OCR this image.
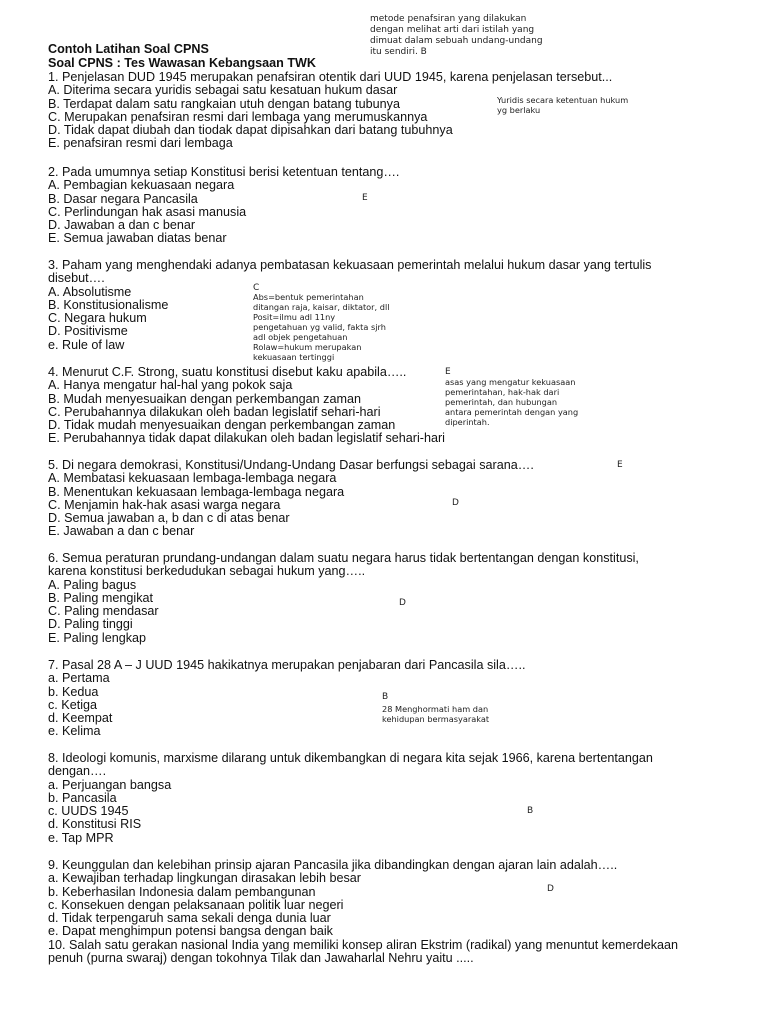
metode penafsiran yang dilakukan
dengan melihat arti dari istilah yang
dimuat dalam sebuah undang-undang
itu sendiri. B
Contoh Latihan Soal CPNS
Soal CPNS : Tes Wawasan Kebangsaan TWK
1. Penjelasan DUD 1945 merupakan penafsiran otentik dari UUD 1945, karena penjelasan tersebut...
A. Diterima secara yuridis sebagai satu kesatuan hukum dasar
B. Terdapat dalam satu rangkaian utuh dengan batang tubunya
C. Merupakan penafsiran resmi dari lembaga yang merumuskannya
D. Tidak dapat diubah dan tiodak dapat dipisahkan dari batang tubuhnya
E. penafsiran resmi dari lembaga
Yuridis secara ketentuan hukum
yg berlaku
2. Pada umumnya setiap Konstitusi berisi ketentuan tentang….
A. Pembagian kekuasaan negara
B. Dasar negara Pancasila
C. Perlindungan hak asasi manusia
D. Jawaban a dan c benar
E. Semua jawaban diatas benar
E
3. Paham yang menghendaki adanya pembatasan kekuasaan pemerintah melalui hukum dasar yang tertulis
disebut….
A. Absolutisme
B. Konstitusionalisme
C. Negara hukum
D. Positivisme
e. Rule of law
C
Abs=bentuk pemerintahan
ditangan raja, kaisar, diktator, dll
Posit=ilmu adl 11ny
pengetahuan yg valid, fakta sjrh
adl objek pengetahuan
Rolaw=hukum merupakan
kekuasaan tertinggi
4. Menurut C.F. Strong, suatu konstitusi disebut kaku apabila…..
A. Hanya mengatur hal-hal yang pokok saja
B. Mudah menyesuaikan dengan perkembangan zaman
C. Perubahannya dilakukan oleh badan legislatif sehari-hari
D. Tidak mudah menyesuaikan dengan perkembangan zaman
E. Perubahannya tidak dapat dilakukan oleh badan legislatif sehari-hari
E
asas yang mengatur kekuasaan
pemerintahan, hak-hak dari
pemerintah, dan hubungan
antara pemerintah dengan yang
diperintah.
5. Di negara demokrasi, Konstitusi/Undang-Undang Dasar berfungsi sebagai sarana….
A. Membatasi kekuasaan lembaga-lembaga negara
B. Menentukan kekuasaan lembaga-lembaga negara
C. Menjamin hak-hak asasi warga negara
D. Semua jawaban a, b dan c di atas benar
E. Jawaban a dan c benar
E
D
6. Semua peraturan prundang-undangan dalam suatu negara harus tidak bertentangan dengan konstitusi,
karena konstitusi berkedudukan sebagai hukum yang…..
A. Paling bagus
B. Paling mengikat
C. Paling mendasar
D. Paling tinggi
E. Paling lengkap
D
7. Pasal 28 A – J UUD 1945 hakikatnya merupakan penjabaran dari Pancasila sila…..
a. Pertama
b. Kedua
c. Ketiga
d. Keempat
e. Kelima
B
28 Menghormati ham dan
kehidupan bermasyarakat
8. Ideologi komunis, marxisme dilarang untuk dikembangkan di negara kita sejak 1966, karena bertentangan
dengan….
a. Perjuangan bangsa
b. Pancasila
c. UUDS 1945
d. Konstitusi RIS
e. Tap MPR
B
9. Keunggulan dan kelebihan prinsip ajaran Pancasila jika dibandingkan dengan ajaran lain adalah…..
a. Kewajiban terhadap lingkungan dirasakan lebih besar
b. Keberhasilan Indonesia dalam pembangunan
c. Konsekuen dengan pelaksanaan politik luar negeri
d. Tidak terpengaruh sama sekali denga dunia luar
e. Dapat menghimpun potensi bangsa dengan baik
D
10. Salah satu gerakan nasional India yang memiliki konsep aliran Ekstrim (radikal) yang menuntut kemerdekaan
penuh (purna swaraj) dengan tokohnya Tilak dan Jawaharlal Nehru yaitu .....
